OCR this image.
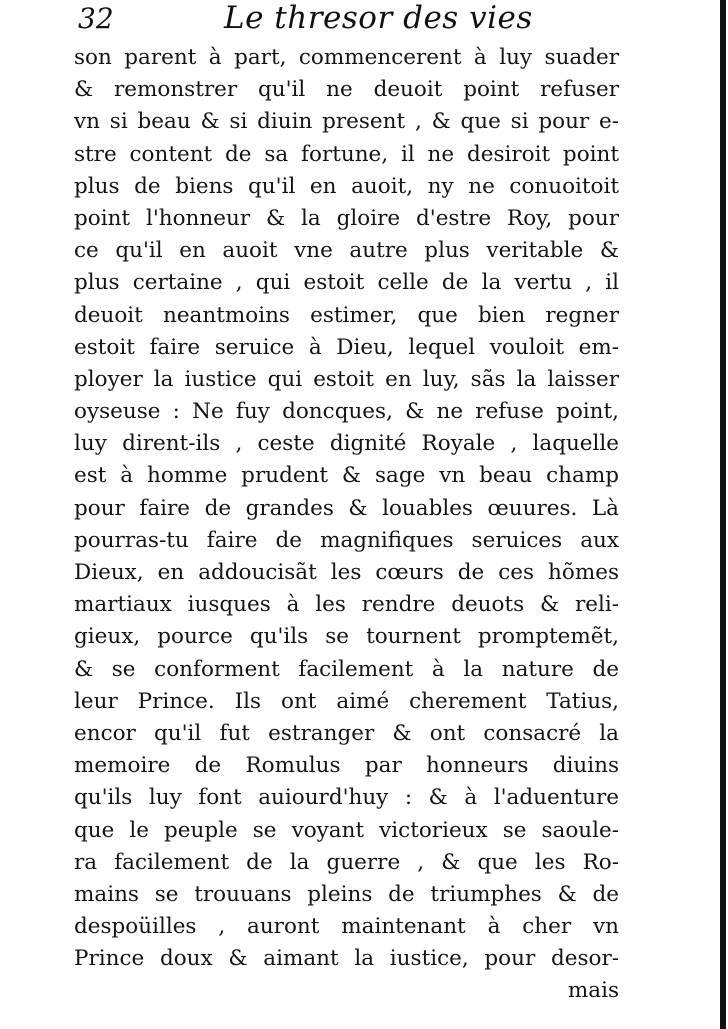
32	Le thresor des vies
son parent à part, commencerent à luy suader
& remonstrer qu'il ne deuoit point refuser
vn si beau & si diuin present , & que si pour e-
stre content de sa fortune, il ne desiroit point
plus de biens qu'il en auoit, ny ne conuoitoit
point l'honneur & la gloire d'estre Roy, pour
ce qu'il en auoit vne autre plus veritable &
plus certaine , qui estoit celle de la vertu , il
deuoit neantmoins estimer, que bien regner
estoit faire seruice à Dieu, lequel vouloit em-
ployer la iustice qui estoit en luy, sãs la laisser
oyseuse : Ne fuy doncques, & ne refuse point,
luy dirent-ils , ceste dignité Royale , laquelle
est à homme prudent & sage vn beau champ
pour faire de grandes & louables œuures. Là
pourras-tu faire de magnifiques seruices aux
Dieux, en addoucisãt les cœurs de ces hõmes
martiaux iusques à les rendre deuots & reli-
gieux, pource qu'ils se tournent promptemẽt,
& se conforment facilement à la nature de
leur Prince. Ils ont aimé cherement Tatius,
encor qu'il fut estranger & ont consacré la
memoire de Romulus par honneurs diuins
qu'ils luy font auiourd'huy : & à l'aduenture
que le peuple se voyant victorieux se saoule-
ra facilement de la guerre , & que les Ro-
mains se trouuans pleins de triumphes & de
despoüilles , auront maintenant à cher vn
Prince doux & aimant la iustice, pour desor-
mais
